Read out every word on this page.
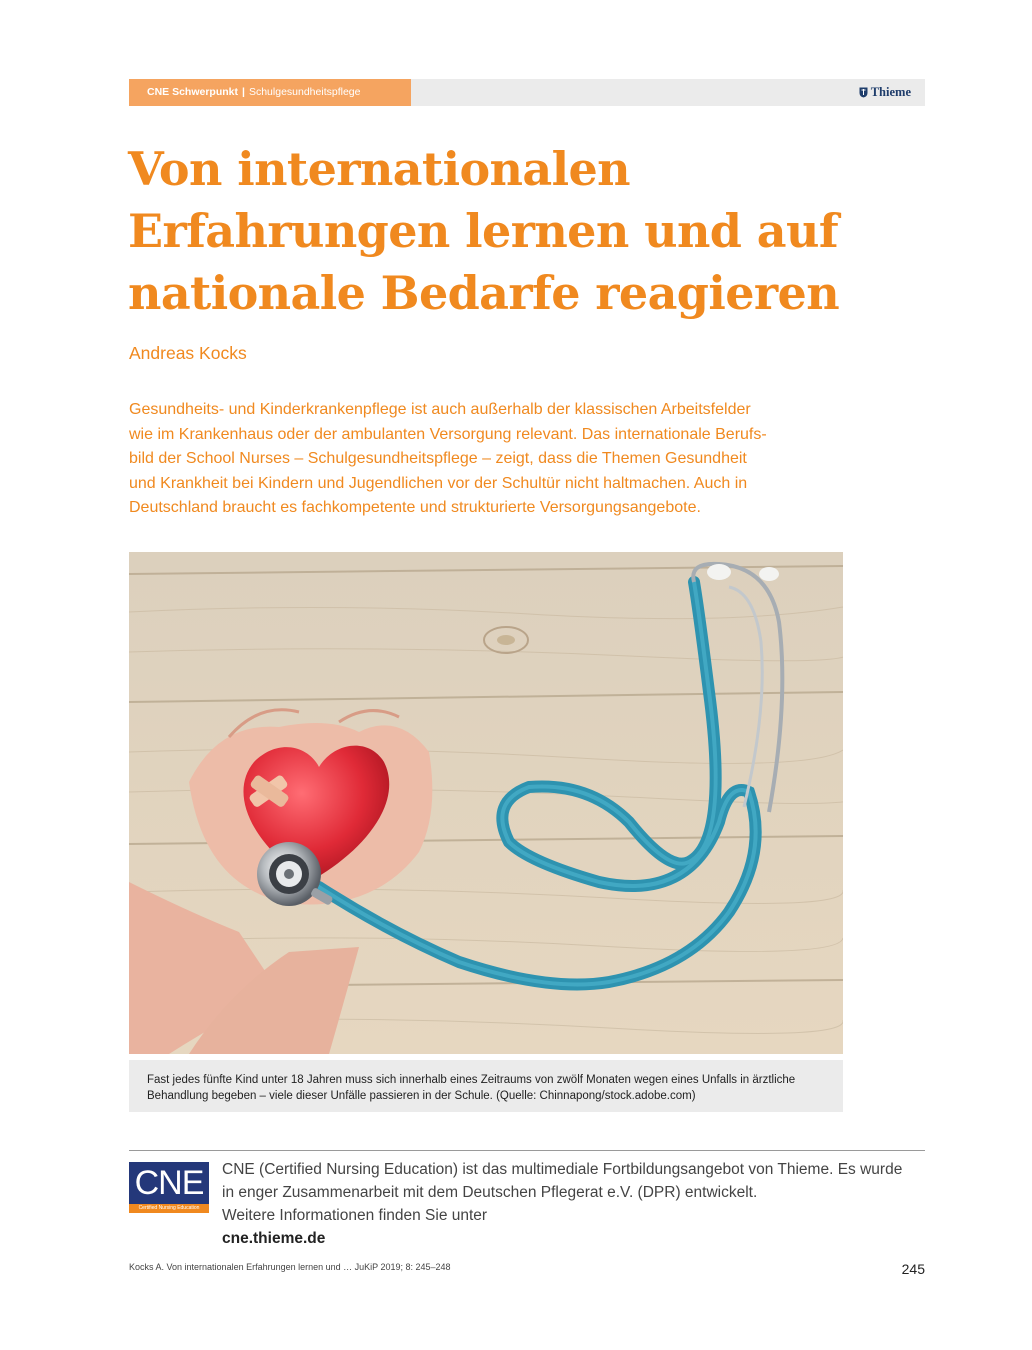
CNE Schwerpunkt | Schulgesundheitspflege	Thieme
Von internationalen
Erfahrungen lernen und auf
nationale Bedarfe reagieren
Andreas Kocks
Gesundheits- und Kinderkrankenpflege ist auch außerhalb der klassischen Arbeitsfelder
wie im Krankenhaus oder der ambulanten Versorgung relevant. Das internationale Berufs-
bild der School Nurses – Schulgesundheitspflege – zeigt, dass die Themen Gesundheit
und Krankheit bei Kindern und Jugendlichen vor der Schultür nicht haltmachen. Auch in
Deutschland braucht es fachkompetente und strukturierte Versorgungsangebote.
Fast jedes fünfte Kind unter 18 Jahren muss sich innerhalb eines Zeitraums von zwölf Monaten wegen eines Unfalls in ärztliche
Behandlung begeben – viele dieser Unfälle passieren in der Schule. (Quelle: Chinnapong/stock.adobe.com)
CNE
Certified Nursing Education
CNE (Certified Nursing Education) ist das multimediale Fortbildungsangebot von Thieme. Es wurde
in enger Zusammenarbeit mit dem Deutschen Pflegerat e.V. (DPR) entwickelt.
Weitere Informationen finden Sie unter
cne.thieme.de
Kocks A. Von internationalen Erfahrungen lernen und … JuKiP 2019; 8: 245–248	245
